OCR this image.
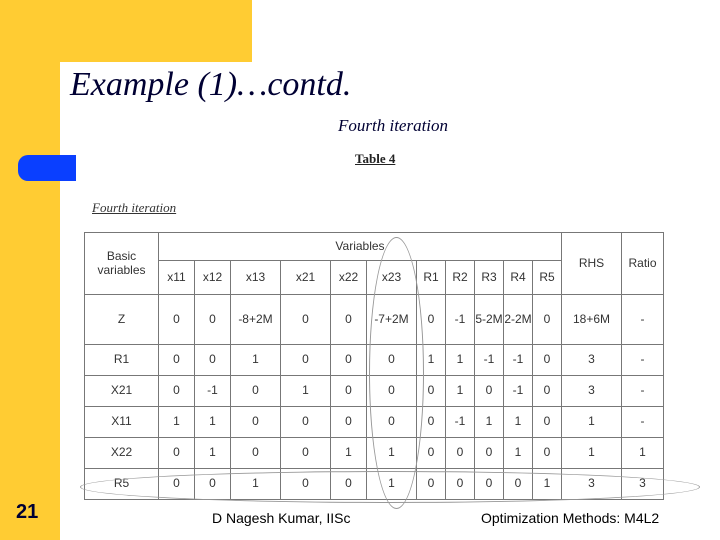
Example (1)…contd.
Fourth iteration
Table 4
Fourth iteration
Basic variables	Variables											RHS	Ratio
	x11	x12	x13	x21	x22	x23	R1	R2	R3	R4	R5		
Z	0	0	-8+2M	0	0	-7+2M	0	-1	5-2M	2-2M	0	18+6M	-
R1	0	0	1	0	0	0	1	1	-1	-1	0	3	-
X21	0	-1	0	1	0	0	0	1	0	-1	0	3	-
X11	1	1	0	0	0	0	0	-1	1	1	0	1	-
X22	0	1	0	0	1	1	0	0	0	1	0	1	1
R5	0	0	1	0	0	1	0	0	0	0	1	3	3
21	D Nagesh Kumar, IISc	Optimization Methods: M4L2
